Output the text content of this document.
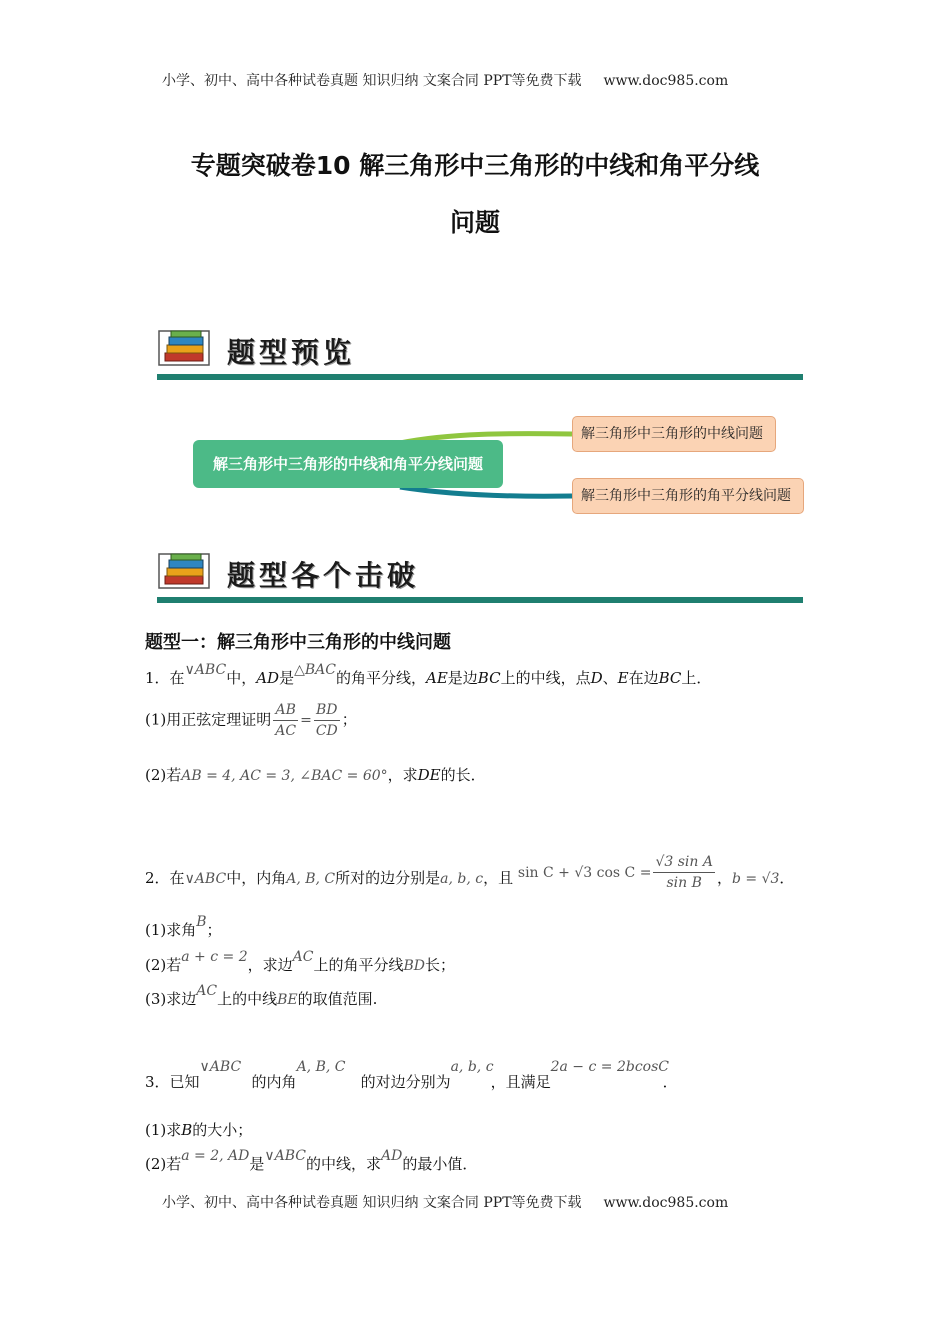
小学、初中、高中各种试卷真题 知识归纳 文案合同 PPT等免费下载 www.doc985.com
专题突破卷10 解三角形中三角形的中线和角平分线
问题
题型预览
解三角形中三角形的中线和角平分线问题
解三角形中三角形的中线问题
解三角形中三角形的角平分线问题
题型各个击破
题型一：解三角形中三角形的中线问题
1．在∨ABC中，AD是△BAC的角平分线，AE是边BC上的中线，点D、E在边BC上．
(1)用正弦定理证明 $\frac{AB}{AC} = \frac{BD}{CD}$ ；
(2)若AB = 4, AC = 3, ∠BAC = 60°，求DE的长．
2．在∨ABC中，内角A, B, C所对的边分别是a, b, c，且 sin C + √3 $\cos C = \frac{\text{√3 sin A}}{\text{sin B}}$ ，b = √3．
(1)求角B；
(2)若a + c = 2，求边AC上的角平分线BD长；
(3)求边AC上的中线BE的取值范围.
3．已知∨ABC的内角A, B, C的对边分别为a, b, c，且满足2a − c = 2bcosC．
(1)求B的大小；
(2)若a = 2, AD是∨ABC的中线，求AD的最小值．
小学、初中、高中各种试卷真题 知识归纳 文案合同 PPT等免费下载 www.doc985.com
